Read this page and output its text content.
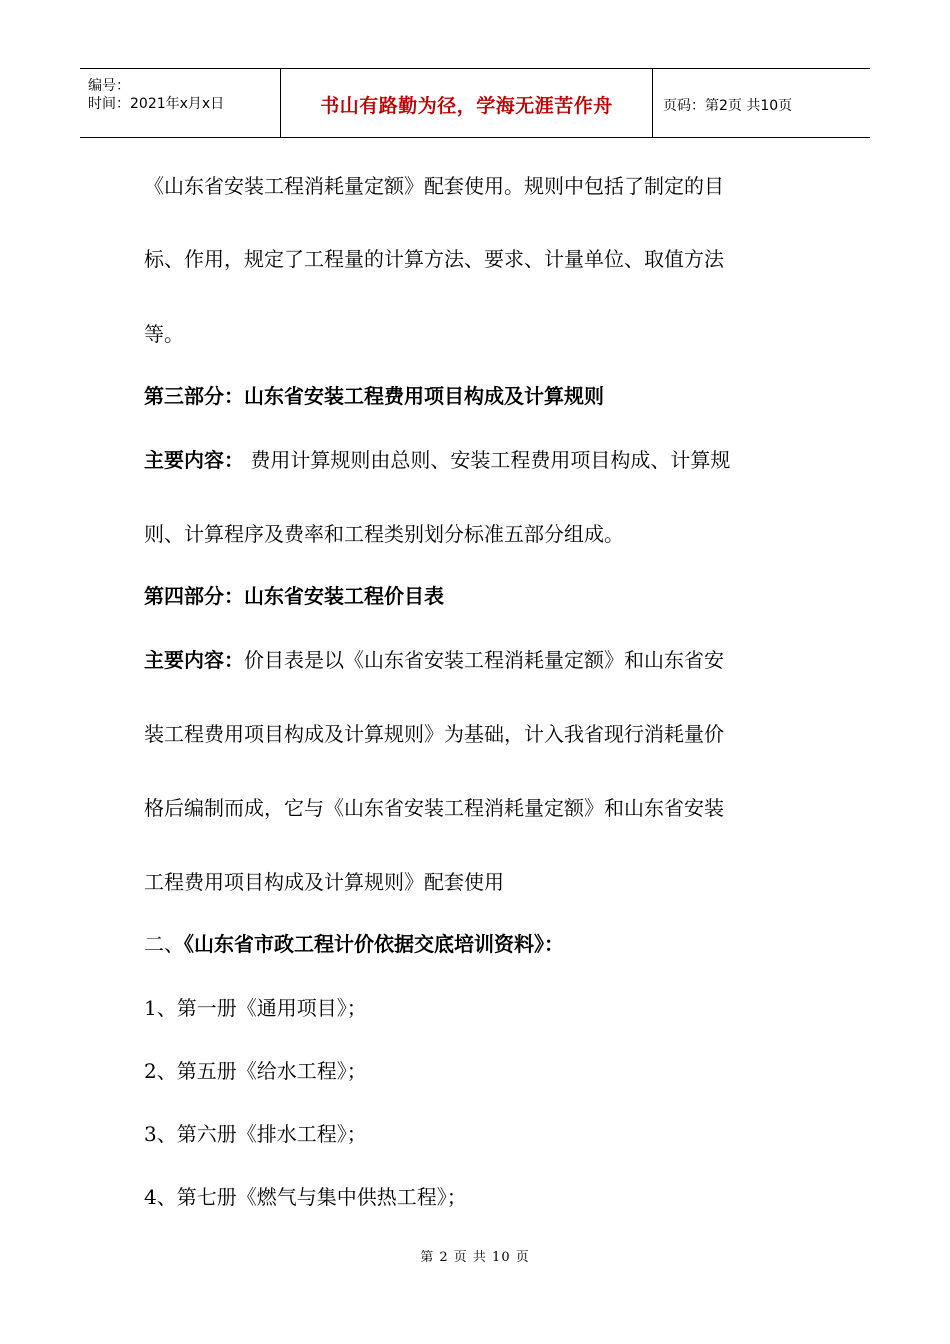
编号：
时间：2021年x月x日	书山有路勤为径，学海无涯苦作舟	页码：第2页 共10页
《山东省安装工程消耗量定额》配套使用。规则中包括了制定的目
标、作用，规定了工程量的计算方法、要求、计量单位、取值方法
等。
第三部分：山东省安装工程费用项目构成及计算规则
主要内容： 费用计算规则由总则、安装工程费用项目构成、计算规
则、计算程序及费率和工程类别划分标准五部分组成。
第四部分：山东省安装工程价目表
主要内容：价目表是以《山东省安装工程消耗量定额》和山东省安
装工程费用项目构成及计算规则》为基础，计入我省现行消耗量价
格后编制而成，它与《山东省安装工程消耗量定额》和山东省安装
工程费用项目构成及计算规则》配套使用
二、《山东省市政工程计价依据交底培训资料》：
1、第一册《通用项目》；
2、第五册《给水工程》；
3、第六册《排水工程》；
4、第七册《燃气与集中供热工程》；
第 2 页 共 10 页
